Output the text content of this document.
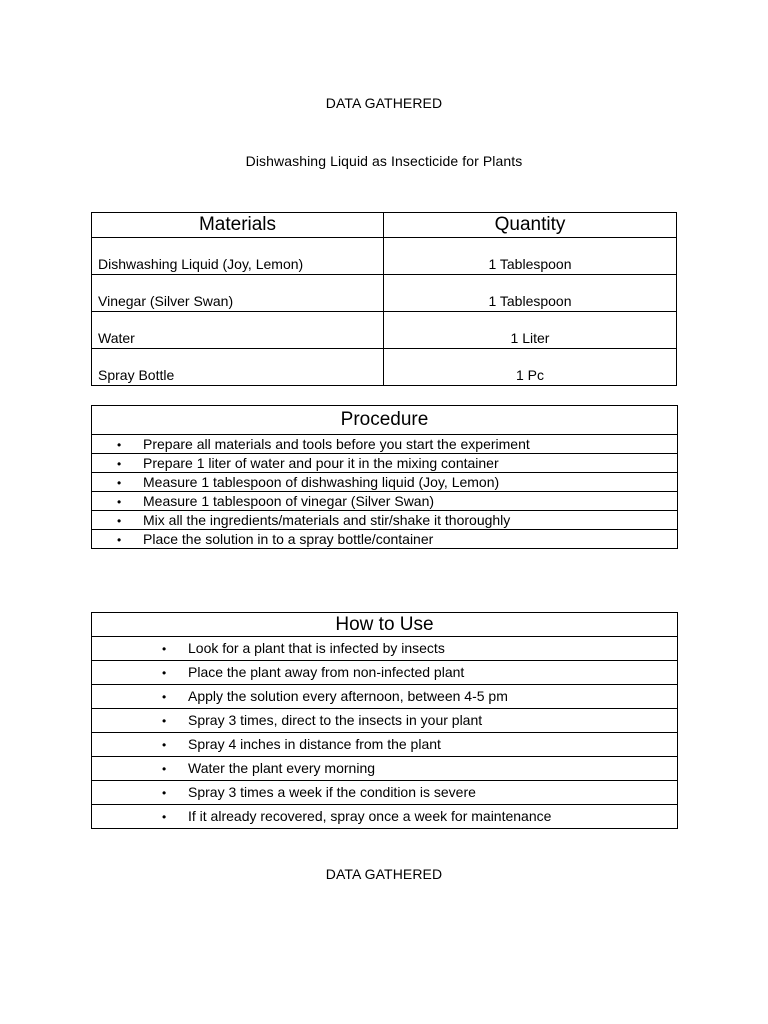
DATA GATHERED
Dishwashing Liquid as Insecticide for Plants
Materials	Quantity
Dishwashing Liquid (Joy, Lemon)	1 Tablespoon
Vinegar (Silver Swan)	1 Tablespoon
Water	1 Liter
Spray Bottle	1 Pc
Procedure
• Prepare all materials and tools before you start the experiment
• Prepare 1 liter of water and pour it in the mixing container
• Measure 1 tablespoon of dishwashing liquid (Joy, Lemon)
• Measure 1 tablespoon of vinegar (Silver Swan)
• Mix all the ingredients/materials and stir/shake it thoroughly
• Place the solution in to a spray bottle/container
How to Use
• Look for a plant that is infected by insects
• Place the plant away from non-infected plant
• Apply the solution every afternoon, between 4-5 pm
• Spray 3 times, direct to the insects in your plant
• Spray 4 inches in distance from the plant
• Water the plant every morning
• Spray 3 times a week if the condition is severe
• If it already recovered, spray once a week for maintenance
DATA GATHERED
